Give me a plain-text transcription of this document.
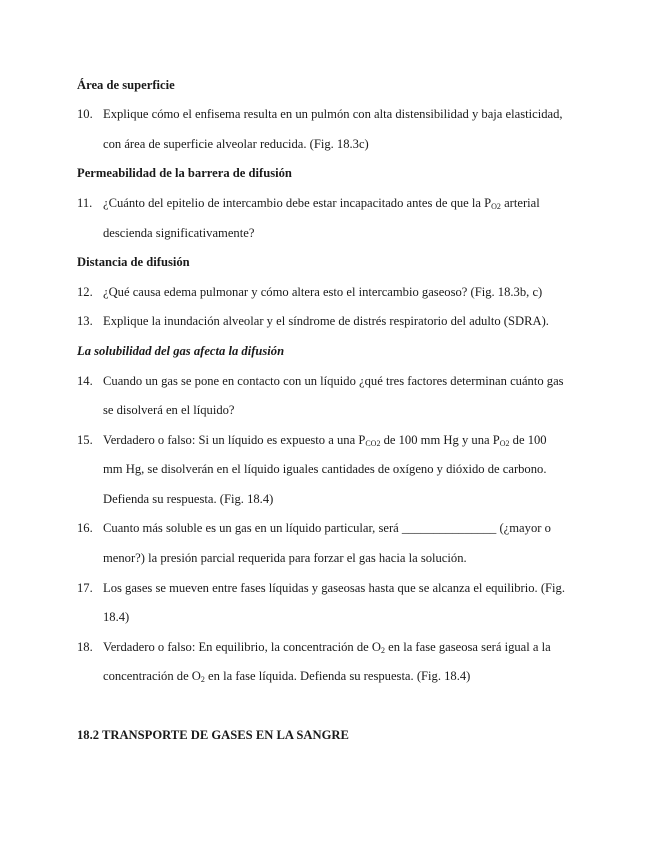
Área de superficie
10. Explique cómo el enfisema resulta en un pulmón con alta distensibilidad y baja elasticidad,
con área de superficie alveolar reducida. (Fig. 18.3c)
Permeabilidad de la barrera de difusión
11. ¿Cuánto del epitelio de intercambio debe estar incapacitado antes de que la $P_{O2}$ arterial
descienda significativamente?
Distancia de difusión
12. ¿Qué causa edema pulmonar y cómo altera esto el intercambio gaseoso? (Fig. 18.3b, c)
13. Explique la inundación alveolar y el síndrome de distrés respiratorio del adulto (SDRA).
La solubilidad del gas afecta la difusión
14. Cuando un gas se pone en contacto con un líquido ¿qué tres factores determinan cuánto gas
se disolverá en el líquido?
15. Verdadero o falso: Si un líquido es expuesto a una $P_{CO2}$ de 100 mm Hg y una $P_{O2}$ de 100
mm Hg, se disolverán en el líquido iguales cantidades de oxígeno y dióxido de carbono.
Defienda su respuesta. (Fig. 18.4)
16. Cuanto más soluble es un gas en un líquido particular, será _______________ (¿mayor o
menor?) la presión parcial requerida para forzar el gas hacia la solución.
17. Los gases se mueven entre fases líquidas y gaseosas hasta que se alcanza el equilibrio. (Fig.
18.4)
18. Verdadero o falso: En equilibrio, la concentración de $O_2$ en la fase gaseosa será igual a la
concentración de $O_2$ en la fase líquida. Defienda su respuesta. (Fig. 18.4)
18.2 TRANSPORTE DE GASES EN LA SANGRE
